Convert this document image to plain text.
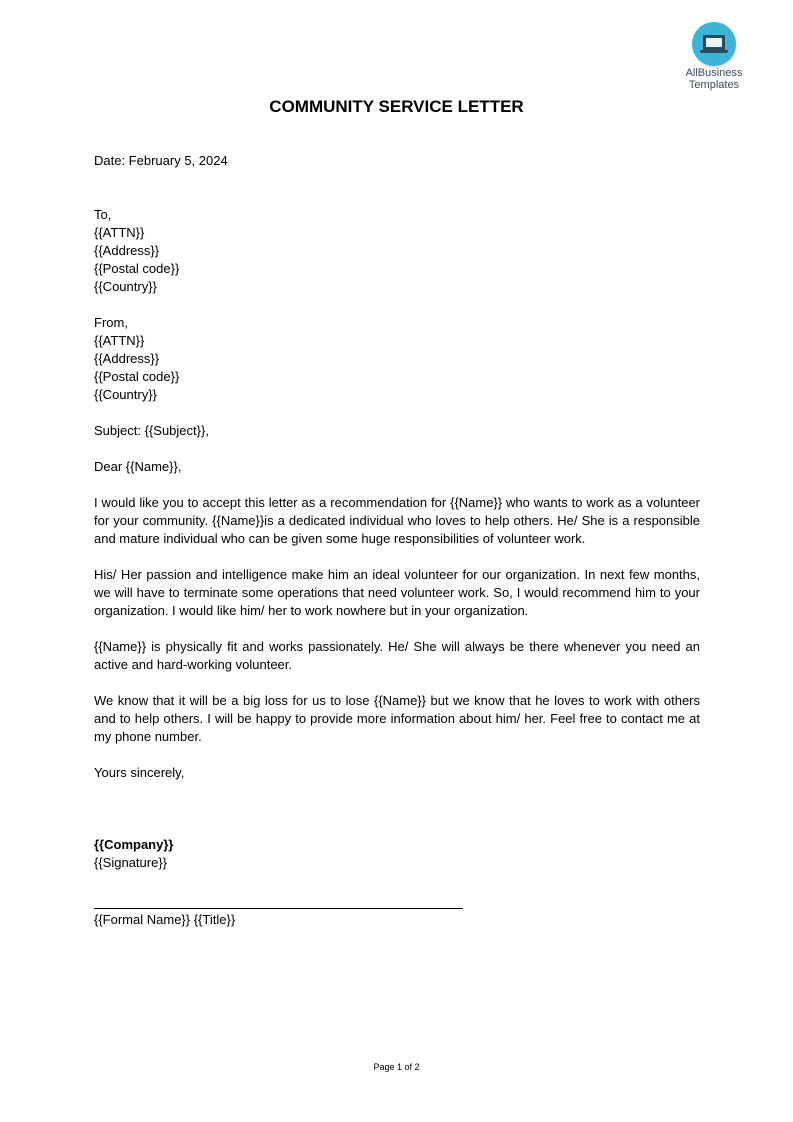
AllBusiness
Templates
COMMUNITY SERVICE LETTER
Date: February 5, 2024
To,
{{ATTN}}
{{Address}}
{{Postal code}}
{{Country}}
From,
{{ATTN}}
{{Address}}
{{Postal code}}
{{Country}}
Subject: {{Subject}},
Dear {{Name}},

I would like you to accept this letter as a recommendation for {{Name}} who wants to work as a volunteer for your community. {{Name}}is a dedicated individual who loves to help others. He/ She is a responsible and mature individual who can be given some huge responsibilities of volunteer work.

His/ Her passion and intelligence make him an ideal volunteer for our organization. In next few months, we will have to terminate some operations that need volunteer work. So, I would recommend him to your organization. I would like him/ her to work nowhere but in your organization.

{{Name}} is physically fit and works passionately. He/ She will always be there whenever you need an active and hard-working volunteer.

We know that it will be a big loss for us to lose {{Name}} but we know that he loves to work with others and to help others. I will be happy to provide more information about him/ her. Feel free to contact me at my phone number.

Yours sincerely,
{{Company}}
{{Signature}}
{{Formal Name}} {{Title}}
Page 1 of 2
